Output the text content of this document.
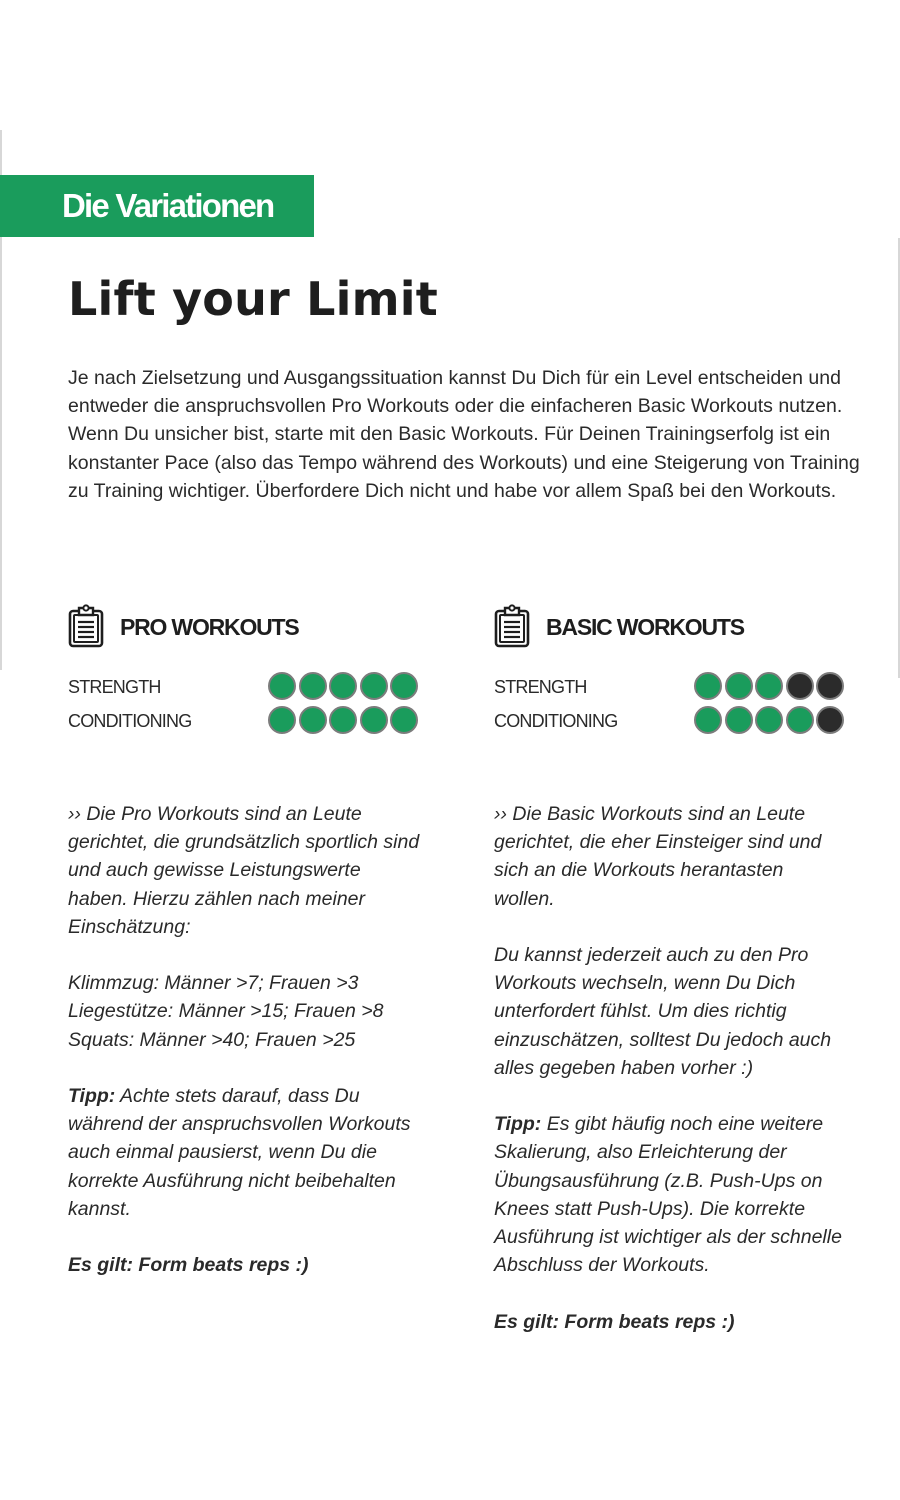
Die Variationen
Lift your Limit
Je nach Zielsetzung und Ausgangssituation kannst Du Dich für ein Level entscheiden und entweder die anspruchsvollen Pro Workouts oder die einfacheren Basic Workouts nutzen. Wenn Du unsicher bist, starte mit den Basic Workouts. Für Deinen Trainingserfolg ist ein konstanter Pace (also das Tempo während des Workouts) und eine Steigerung von Training zu Training wichtiger. Überfordere Dich nicht und habe vor allem Spaß bei den Workouts.
PRO WORKOUTS
STRENGTH
CONDITIONING

›› Die Pro Workouts sind an Leute gerichtet, die grundsätzlich sportlich sind und auch gewisse Leistungswerte haben. Hierzu zählen nach meiner Einschätzung:

Klimmzug: Männer >7; Frauen >3
Liegestütze: Männer >15; Frauen >8
Squats: Männer >40; Frauen >25

Tipp: Achte stets darauf, dass Du während der anspruchsvollen Workouts auch einmal pausierst, wenn Du die korrekte Ausführung nicht beibehalten kannst.

Es gilt: Form beats reps :)

BASIC WORKOUTS
STRENGTH
CONDITIONING

›› Die Basic Workouts sind an Leute gerichtet, die eher Einsteiger sind und sich an die Workouts herantasten wollen.

Du kannst jederzeit auch zu den Pro Workouts wechseln, wenn Du Dich unterfordert fühlst. Um dies richtig einzuschätzen, solltest Du jedoch auch alles gegeben haben vorher :)

Tipp: Es gibt häufig noch eine weitere Skalierung, also Erleichterung der Übungsausführung (z.B. Push-Ups on Knees statt Push-Ups). Die korrekte Ausführung ist wichtiger als der schnelle Abschluss der Workouts.

Es gilt: Form beats reps :)
